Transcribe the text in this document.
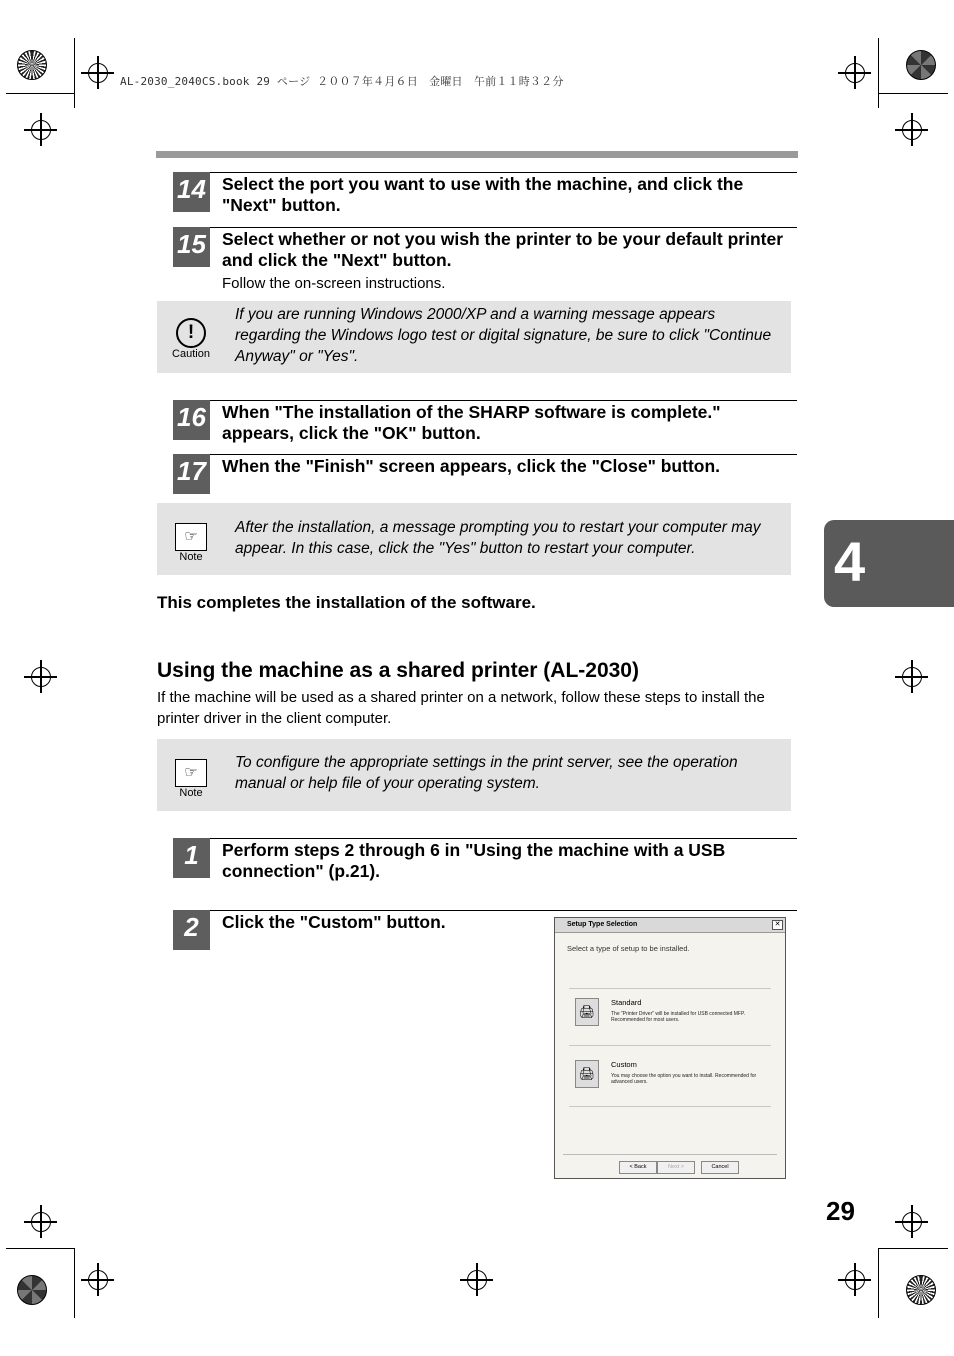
AL-2030_2040CS.book 29 ページ ２００７年４月６日　金曜日　午前１１時３２分
14 Select the port you want to use with the machine, and click the "Next" button.
15 Select whether or not you wish the printer to be your default printer and click the "Next" button.
Follow the on-screen instructions.
!
Caution
If you are running Windows 2000/XP and a warning message appears regarding the Windows logo test or digital signature, be sure to click "Continue Anyway" or "Yes".
16 When "The installation of the SHARP software is complete." appears, click the "OK" button.
17 When the "Finish" screen appears, click the "Close" button.
☞
Note
After the installation, a message prompting you to restart your computer may appear. In this case, click the "Yes" button to restart your computer.
This completes the installation of the software.
Using the machine as a shared printer (AL-2030)
If the machine will be used as a shared printer on a network, follow these steps to install the printer driver in the client computer.
☞
Note
To configure the appropriate settings in the print server, see the operation manual or help file of your operating system.
1	Perform steps 2 through 6 in "Using the machine with a USB connection" (p.21).
2	Click the "Custom" button.	Setup Type Selection	✕
Select a type of setup to be installed.
🖨
Standard
The "Printer Driver" will be installed for USB connected MFP. Recommended for most users.
🖨
Custom
You may choose the option you want to install. Recommended for advanced users.
< Back	Next >	Cancel
4
29
